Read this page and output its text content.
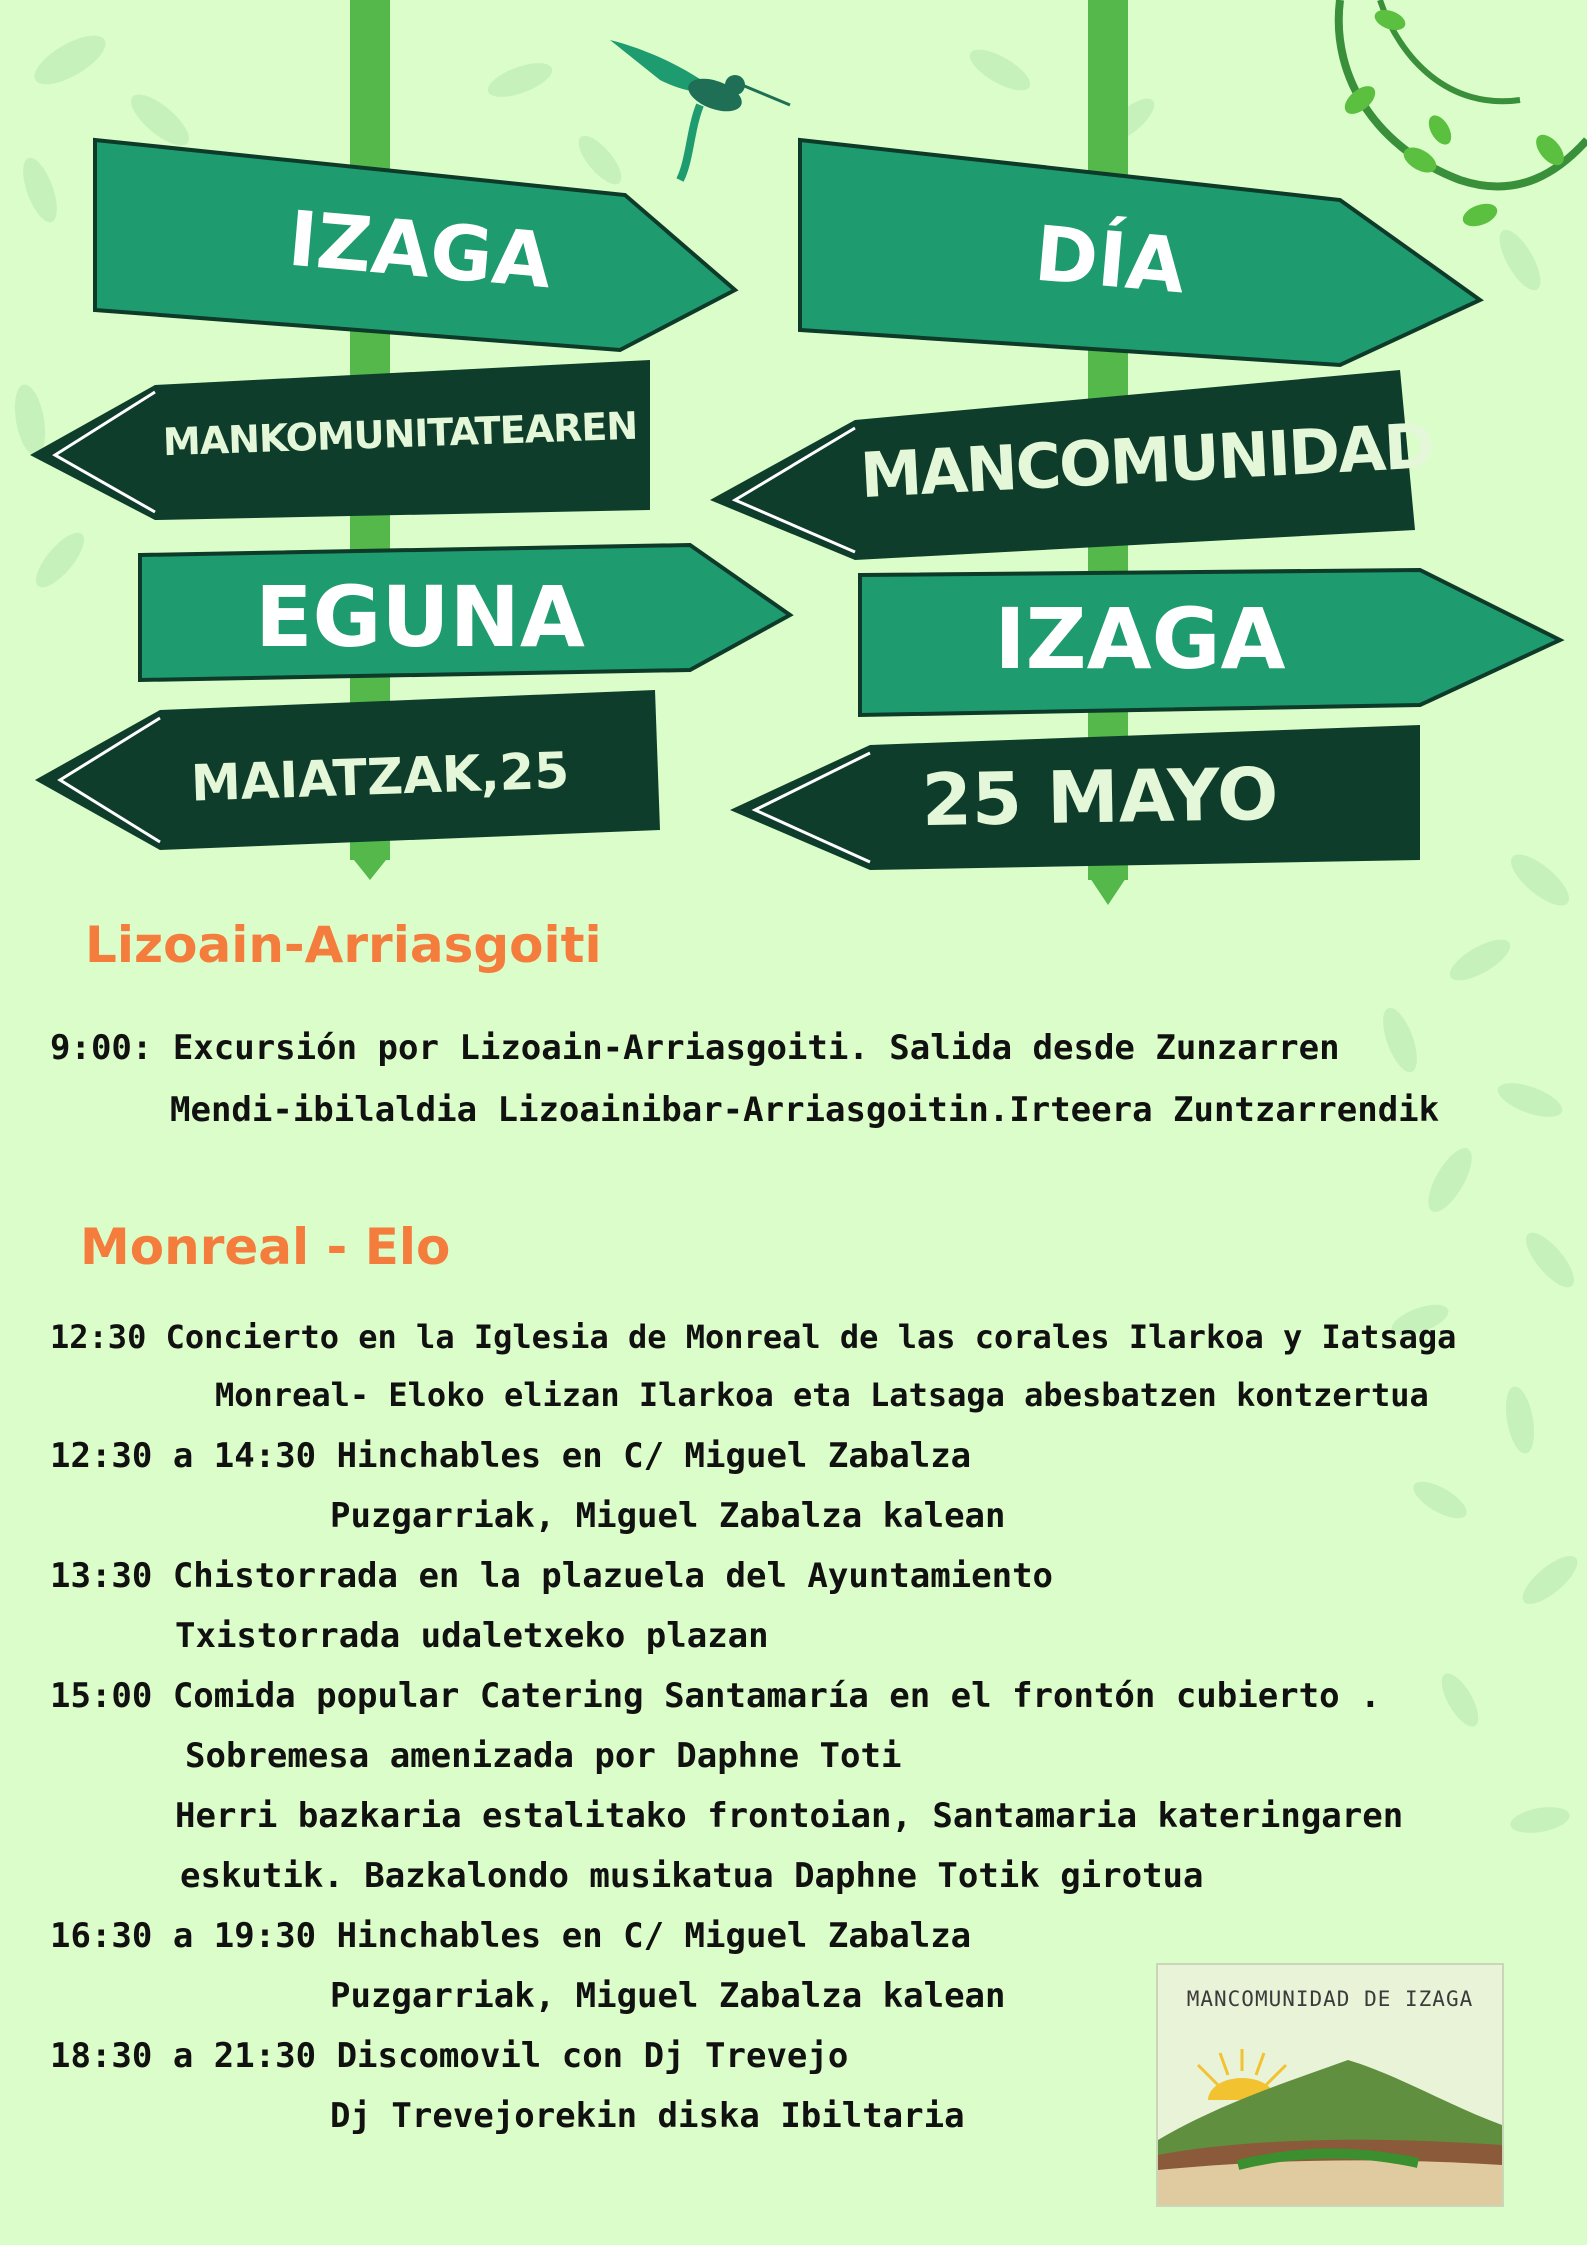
IZAGA
MANKOMUNITATEAREN
EGUNA
MAIATZAK,25
DÍA
MANCOMUNIDAD
IZAGA
25 MAYO
Lizoain-Arriasgoiti
9:00: Excursión por Lizoain-Arriasgoiti. Salida desde Zunzarren
Mendi-ibilaldia Lizoainibar-Arriasgoitin.Irteera Zuntzarrendik
Monreal - Elo
12:30 Concierto en la Iglesia de Monreal de las corales Ilarkoa y Iatsaga
Monreal- Eloko elizan Ilarkoa eta Latsaga abesbatzen kontzertua
12:30 a 14:30 Hinchables en C/ Miguel Zabalza
Puzgarriak, Miguel Zabalza kalean
13:30 Chistorrada en la plazuela del Ayuntamiento
Txistorrada udaletxeko plazan
15:00 Comida popular Catering Santamaría en el frontón cubierto .
Sobremesa amenizada por Daphne Toti
Herri bazkaria estalitako frontoian, Santamaria kateringaren
eskutik. Bazkalondo musikatua Daphne Totik girotua
16:30 a 19:30 Hinchables en C/ Miguel Zabalza
Puzgarriak, Miguel Zabalza kalean
18:30 a 21:30 Discomovil con Dj Trevejo
Dj Trevejorekin diska Ibiltaria
MANCOMUNIDAD DE IZAGA
